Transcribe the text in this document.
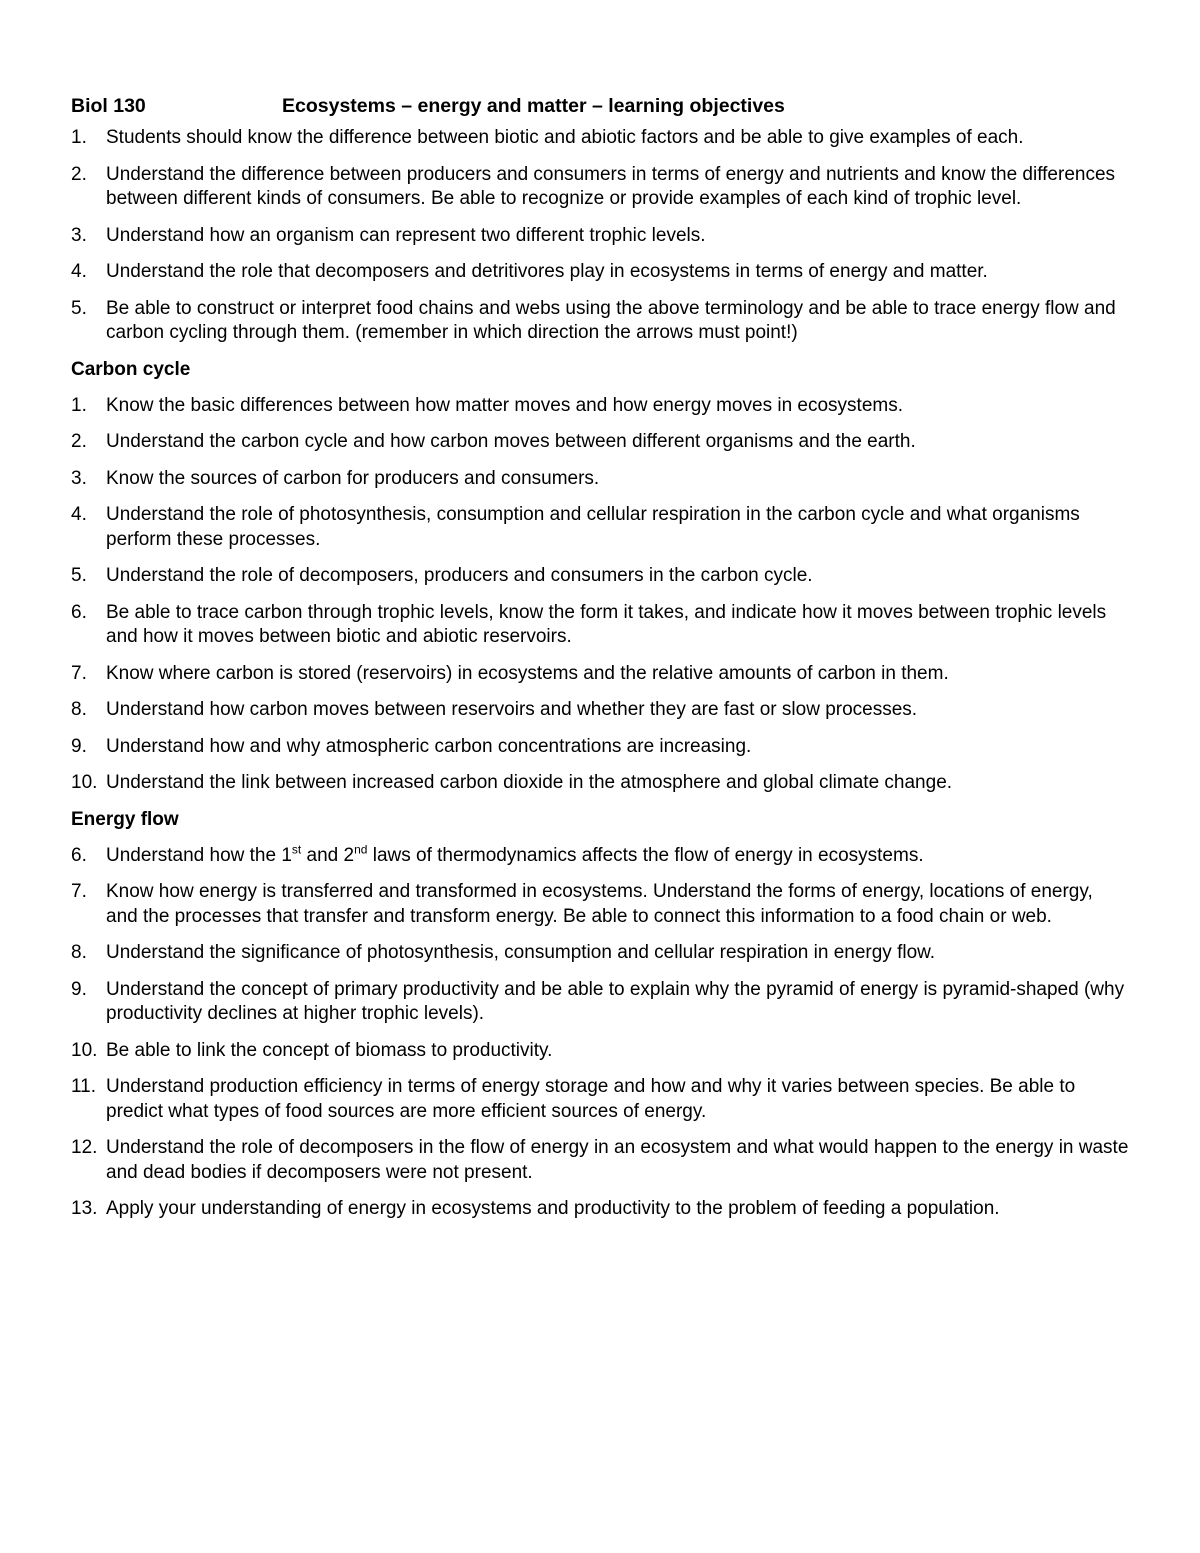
Biol 130	Ecosystems – energy and matter – learning objectives
1. Students should know the difference between biotic and abiotic factors and be able to give examples of each.
2. Understand the difference between producers and consumers in terms of energy and nutrients and know the differences between different kinds of consumers. Be able to recognize or provide examples of each kind of trophic level.
3. Understand how an organism can represent two different trophic levels.
4. Understand the role that decomposers and detritivores play in ecosystems in terms of energy and matter.
5. Be able to construct or interpret food chains and webs using the above terminology and be able to trace energy flow and carbon cycling through them. (remember in which direction the arrows must point!)
Carbon cycle
1. Know the basic differences between how matter moves and how energy moves in ecosystems.
2. Understand the carbon cycle and how carbon moves between different organisms and the earth.
3. Know the sources of carbon for producers and consumers.
4. Understand the role of photosynthesis, consumption and cellular respiration in the carbon cycle and what organisms perform these processes.
5. Understand the role of decomposers, producers and consumers in the carbon cycle.
6. Be able to trace carbon through trophic levels, know the form it takes, and indicate how it moves between trophic levels and how it moves between biotic and abiotic reservoirs.
7. Know where carbon is stored (reservoirs) in ecosystems and the relative amounts of carbon in them.
8. Understand how carbon moves between reservoirs and whether they are fast or slow processes.
9. Understand how and why atmospheric carbon concentrations are increasing.
10. Understand the link between increased carbon dioxide in the atmosphere and global climate change.
Energy flow
6. Understand how the 1st and 2nd laws of thermodynamics affects the flow of energy in ecosystems.
7. Know how energy is transferred and transformed in ecosystems. Understand the forms of energy, locations of energy, and the processes that transfer and transform energy. Be able to connect this information to a food chain or web.
8. Understand the significance of photosynthesis, consumption and cellular respiration in energy flow.
9. Understand the concept of primary productivity and be able to explain why the pyramid of energy is pyramid-shaped (why productivity declines at higher trophic levels).
10. Be able to link the concept of biomass to productivity.
11. Understand production efficiency in terms of energy storage and how and why it varies between species. Be able to predict what types of food sources are more efficient sources of energy.
12. Understand the role of decomposers in the flow of energy in an ecosystem and what would happen to the energy in waste and dead bodies if decomposers were not present.
13. Apply your understanding of energy in ecosystems and productivity to the problem of feeding a population.
